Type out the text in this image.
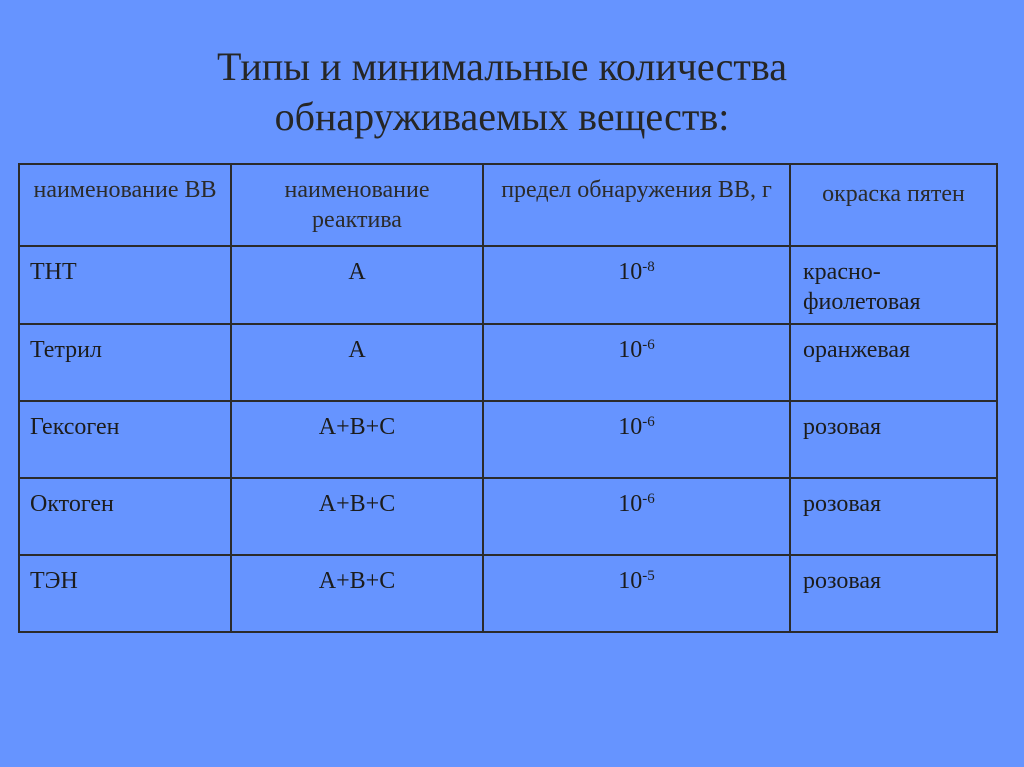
Типы и минимальные количества
обнаруживаемых веществ:
наименование ВВ	наименование реактива	предел обнаружения ВВ, г	окраска пятен
ТНТ	А	$10^{-8}$	красно-фиолетовая
Тетрил	А	$10^{-6}$	оранжевая
Гексоген	А+В+С	$10^{-6}$	розовая
Октоген	А+В+С	$10^{-6}$	розовая
ТЭН	А+В+С	$10^{-5}$	розовая
